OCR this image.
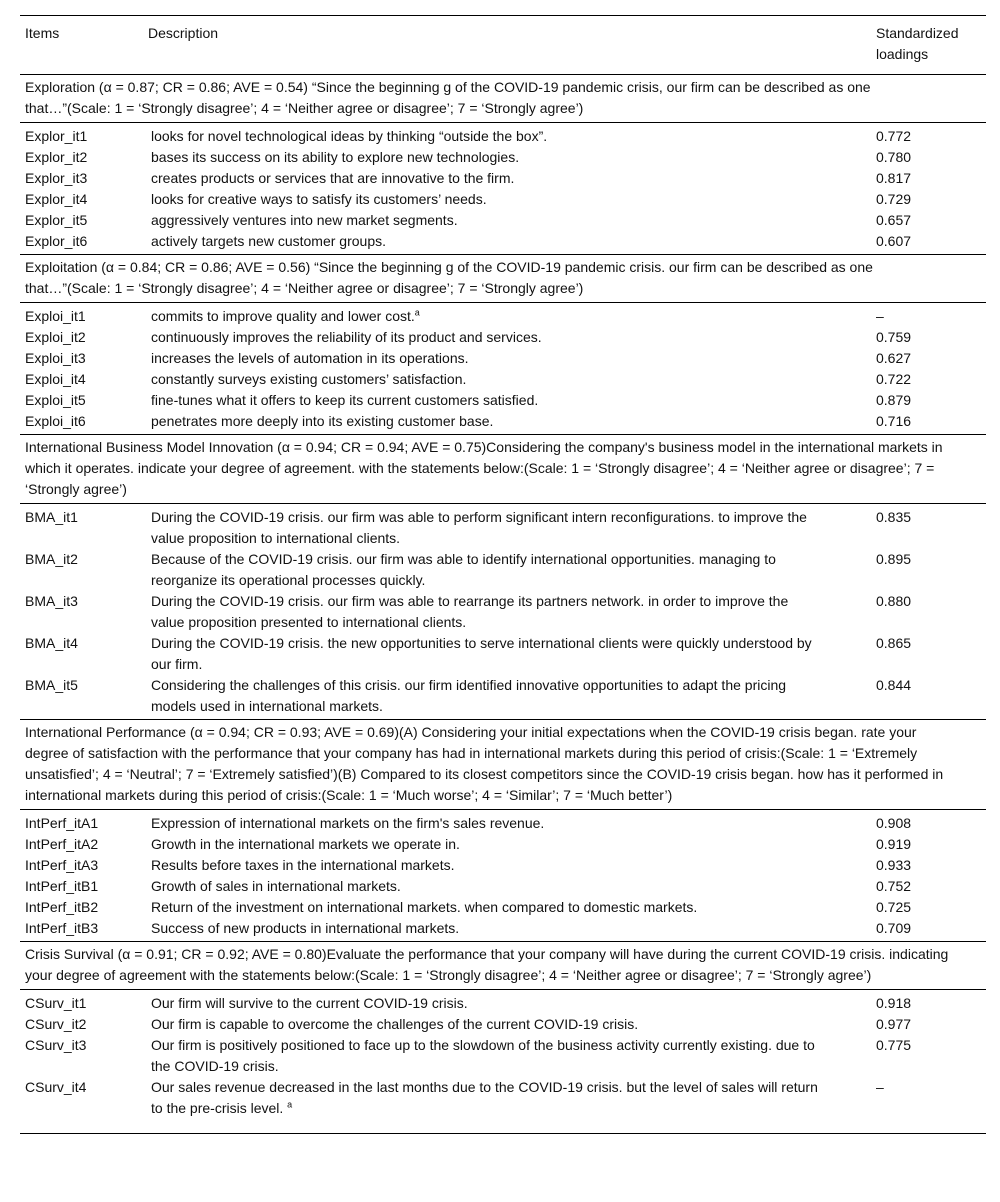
Items	Description	Standardized
loadings
Exploration (α = 0.87; CR = 0.86; AVE = 0.54) “Since the beginning g of the COVID-19 pandemic crisis, our firm can be described as one that…”(Scale: 1 = ‘Strongly disagree’; 4 = ‘Neither agree or disagree’; 7 = ‘Strongly agree’)		
Explor_it1	looks for novel technological ideas by thinking “outside the box”.	0.772
Explor_it2	bases its success on its ability to explore new technologies.	0.780
Explor_it3	creates products or services that are innovative to the firm.	0.817
Explor_it4	looks for creative ways to satisfy its customers’ needs.	0.729
Explor_it5	aggressively ventures into new market segments.	0.657
Explor_it6	actively targets new customer groups.	0.607
Exploitation (α = 0.84; CR = 0.86; AVE = 0.56) “Since the beginning g of the COVID-19 pandemic crisis. our firm can be described as one that…”(Scale: 1 = ‘Strongly disagree’; 4 = ‘Neither agree or disagree’; 7 = ‘Strongly agree’)		
Exploi_it1	commits to improve quality and lower cost.$^a$	–
Exploi_it2	continuously improves the reliability of its product and services.	0.759
Exploi_it3	increases the levels of automation in its operations.	0.627
Exploi_it4	constantly surveys existing customers’ satisfaction.	0.722
Exploi_it5	fine-tunes what it offers to keep its current customers satisfied.	0.879
Exploi_it6	penetrates more deeply into its existing customer base.	0.716
International Business Model Innovation (α = 0.94; CR = 0.94; AVE = 0.75)Considering the company's business model in the international markets in which it operates. indicate your degree of agreement. with the statements below:(Scale: 1 = ‘Strongly disagree’; 4 = ‘Neither agree or disagree’; 7 = ‘Strongly agree’)		
BMA_it1	During the COVID-19 crisis. our firm was able to perform significant intern reconfigurations. to improve the value proposition to international clients.	0.835
BMA_it2	Because of the COVID-19 crisis. our firm was able to identify international opportunities. managing to reorganize its operational processes quickly.	0.895
BMA_it3	During the COVID-19 crisis. our firm was able to rearrange its partners network. in order to improve the value proposition presented to international clients.	0.880
BMA_it4	During the COVID-19 crisis. the new opportunities to serve international clients were quickly understood by our firm.	0.865
BMA_it5	Considering the challenges of this crisis. our firm identified innovative opportunities to adapt the pricing models used in international markets.	0.844
International Performance (α = 0.94; CR = 0.93; AVE = 0.69)(A) Considering your initial expectations when the COVID-19 crisis began. rate your degree of satisfaction with the performance that your company has had in international markets during this period of crisis:(Scale: 1 = ‘Extremely unsatisfied’; 4 = ‘Neutral’; 7 = ‘Extremely satisfied’)(B) Compared to its closest competitors since the COVID-19 crisis began. how has it performed in international markets during this period of crisis:(Scale: 1 = ‘Much worse’; 4 = ‘Similar’; 7 = ‘Much better’)		
IntPerf_itA1	Expression of international markets on the firm's sales revenue.	0.908
IntPerf_itA2	Growth in the international markets we operate in.	0.919
IntPerf_itA3	Results before taxes in the international markets.	0.933
IntPerf_itB1	Growth of sales in international markets.	0.752
IntPerf_itB2	Return of the investment on international markets. when compared to domestic markets.	0.725
IntPerf_itB3	Success of new products in international markets.	0.709
Crisis Survival (α = 0.91; CR = 0.92; AVE = 0.80)Evaluate the performance that your company will have during the current COVID-19 crisis. indicating your degree of agreement with the statements below:(Scale: 1 = ‘Strongly disagree’; 4 = ‘Neither agree or disagree’; 7 = ‘Strongly agree’)		
CSurv_it1	Our firm will survive to the current COVID-19 crisis.	0.918
CSurv_it2	Our firm is capable to overcome the challenges of the current COVID-19 crisis.	0.977
CSurv_it3	Our firm is positively positioned to face up to the slowdown of the business activity currently existing. due to the COVID-19 crisis.	0.775
CSurv_it4	Our sales revenue decreased in the last months due to the COVID-19 crisis. but the level of sales will return to the pre-crisis level. $^a$	–
